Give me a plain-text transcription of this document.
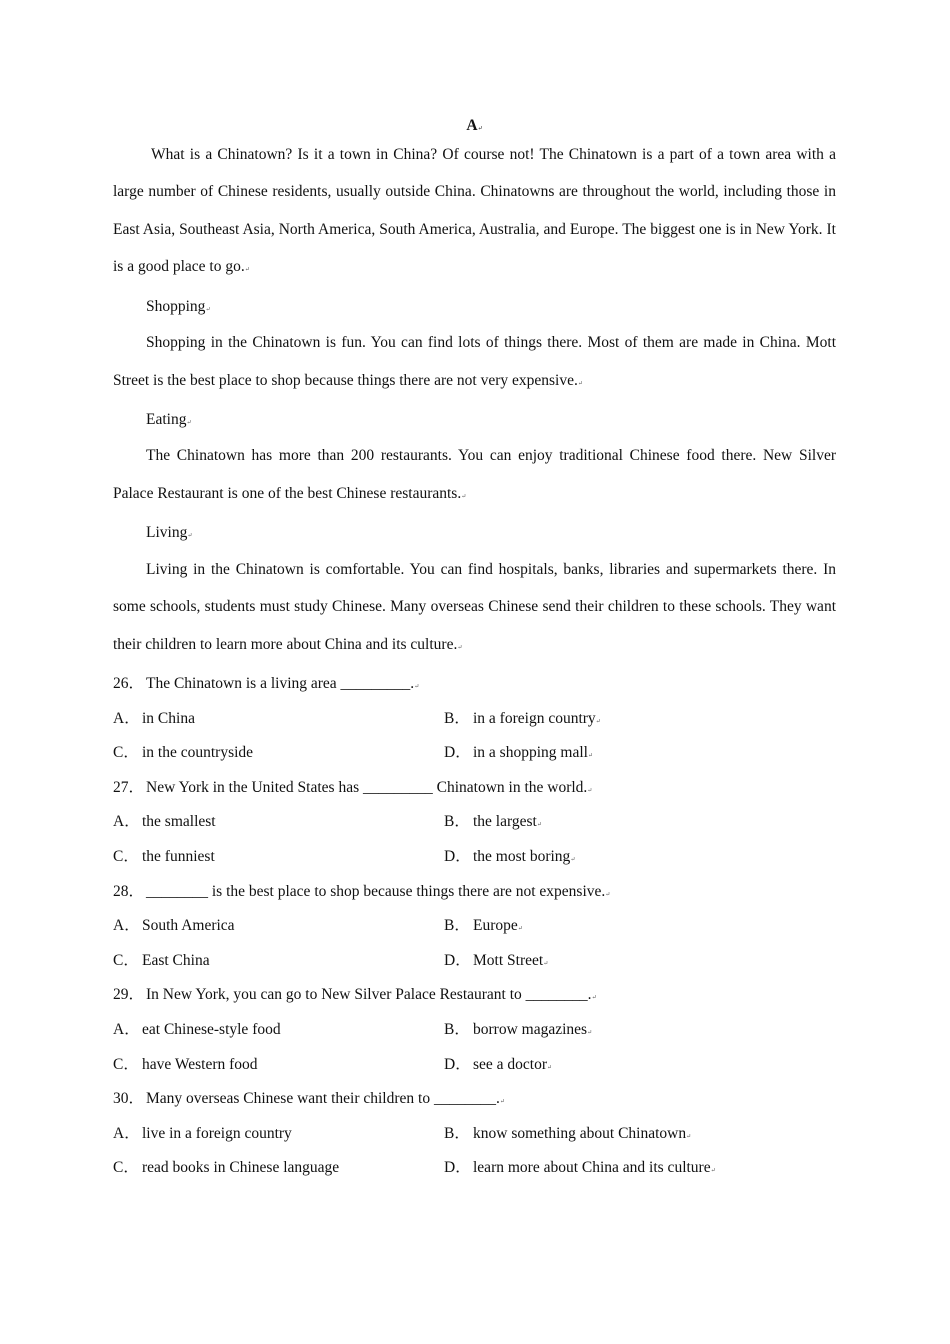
A↵

What is a Chinatown? Is it a town in China? Of course not! The Chinatown is a part of a town area with a large number of Chinese residents, usually outside China. Chinatowns are throughout the world, including those in East Asia, Southeast Asia, North America, South America, Australia, and Europe. The biggest one is in New York. It is a good place to go.↵

Shopping↵

Shopping in the Chinatown is fun. You can find lots of things there. Most of them are made in China. Mott Street is the best place to shop because things there are not very expensive.↵

Eating↵

The Chinatown has more than 200 restaurants. You can enjoy traditional Chinese food there. New Silver Palace Restaurant is one of the best Chinese restaurants.↵

Living↵

Living in the Chinatown is comfortable. You can find hospitals, banks, libraries and supermarkets there. In some schools, students must study Chinese. Many overseas Chinese send their children to these schools. They want their children to learn more about China and its culture.↵

26． The Chinatown is a living area _________.↵
A． in China	B． in a foreign country↵
C． in the countryside	D． in a shopping mall↵
27． New York in the United States has _________ Chinatown in the world.↵
A． the smallest	B． the largest↵
C． the funniest	D． the most boring↵
28． ________ is the best place to shop because things there are not expensive.↵
A． South America	B． Europe↵
C． East China	D． Mott Street↵
29． In New York, you can go to New Silver Palace Restaurant to ________.↵
A． eat Chinese-style food	B． borrow magazines↵
C． have Western food	D． see a doctor↵
30． Many overseas Chinese want their children to ________.↵
A． live in a foreign country	B． know something about Chinatown↵
C． read books in Chinese language	D． learn more about China and its culture↵
